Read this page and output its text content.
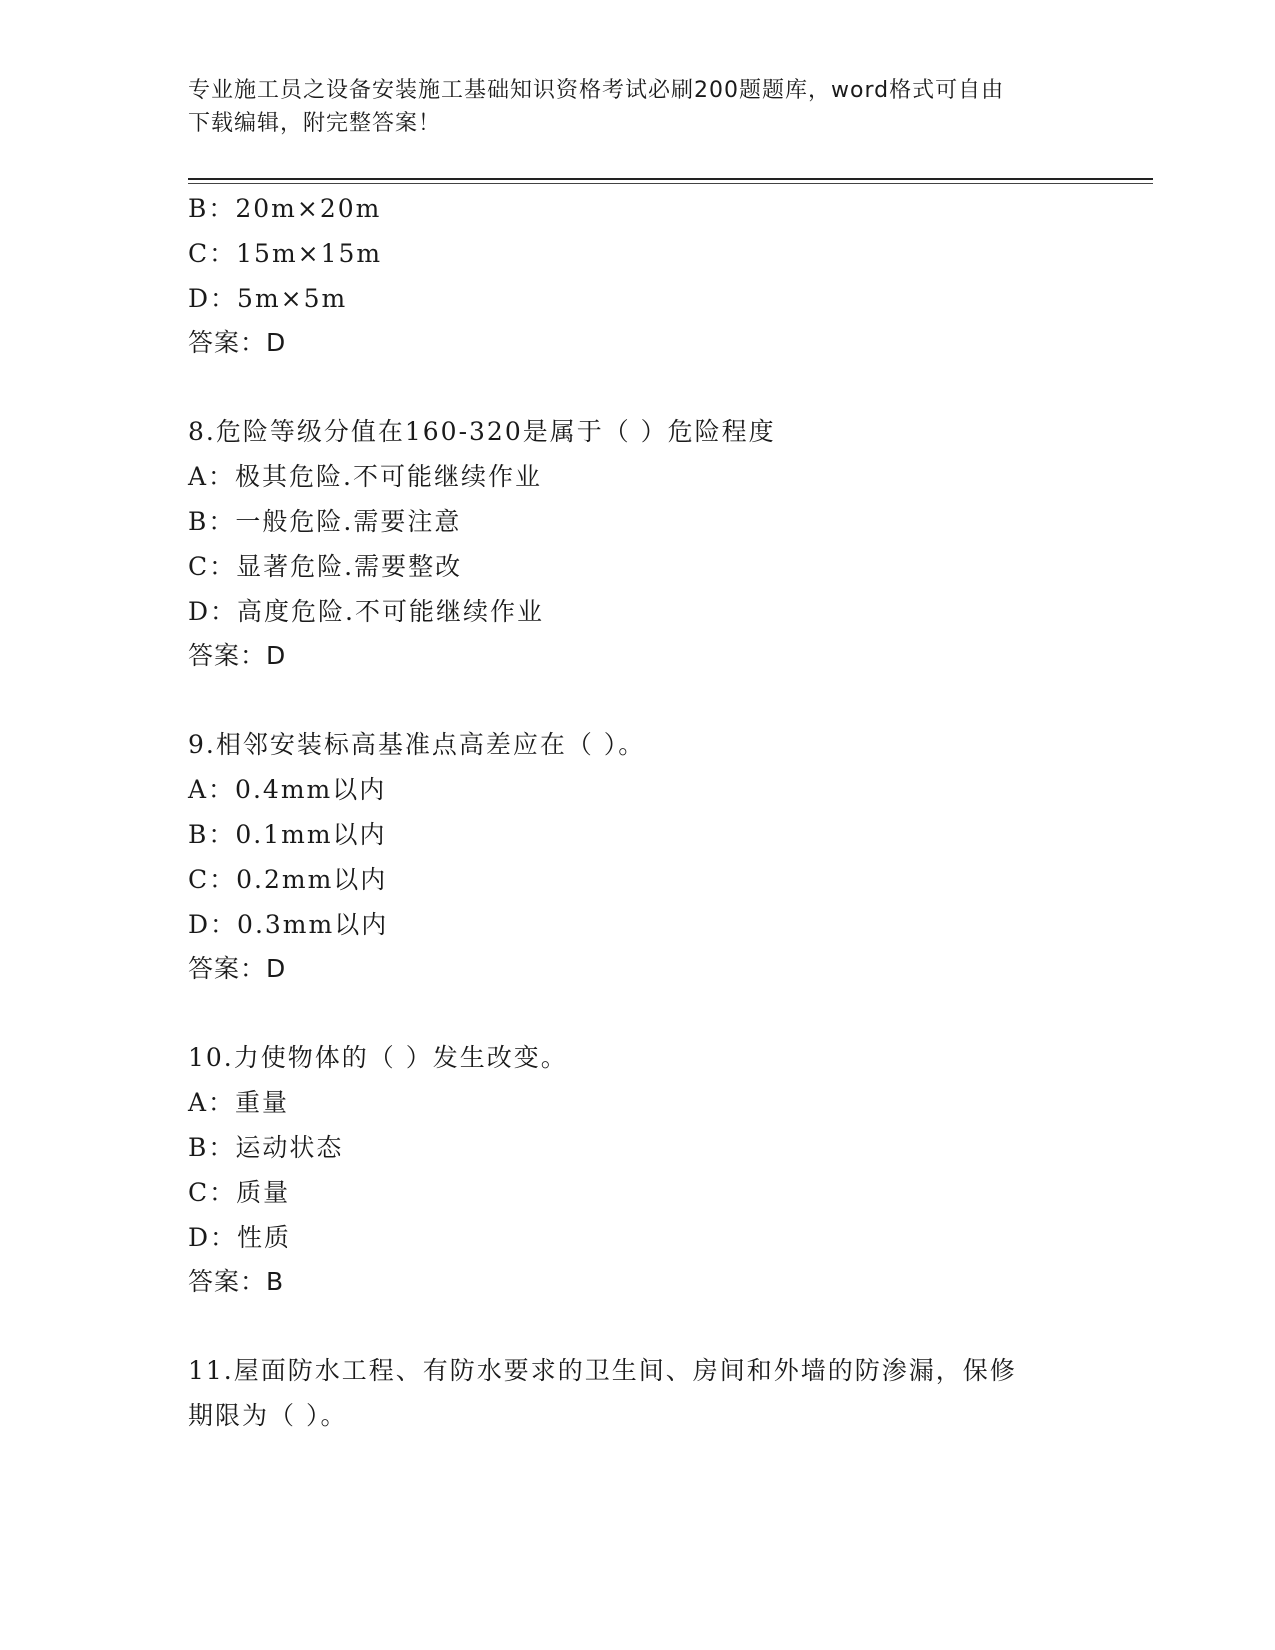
专业施工员之设备安装施工基础知识资格考试必刷200题题库，word格式可自由
下载编辑，附完整答案！
B：20m×20m
C：15m×15m
D：5m×5m
答案：D
8.危险等级分值在160-320是属于（ ）危险程度
A：极其危险.不可能继续作业
B：一般危险.需要注意
C：显著危险.需要整改
D：高度危险.不可能继续作业
答案：D
9.相邻安装标高基准点高差应在（ ）。
A：0.4mm以内
B：0.1mm以内
C：0.2mm以内
D：0.3mm以内
答案：D
10.力使物体的（ ）发生改变。
A：重量
B：运动状态
C：质量
D：性质
答案：B
11.屋面防水工程、有防水要求的卫生间、房间和外墙的防渗漏，保修
期限为（ ）。
